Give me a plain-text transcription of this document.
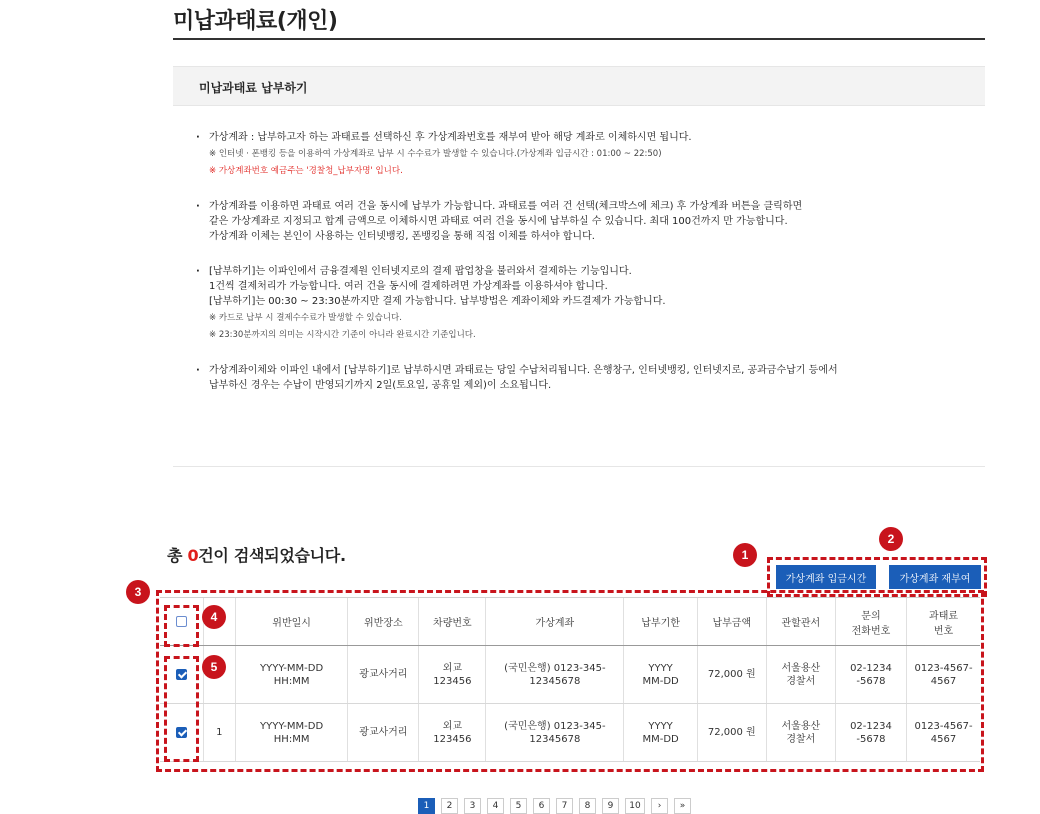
미납과태료(개인)
미납과태료 납부하기
· 가상계좌 : 납부하고자 하는 과태료를 선택하신 후 가상계좌번호를 재부여 받아 해당 계좌로 이체하시면 됩니다.
※ 인터넷 · 폰뱅킹 등을 이용하여 가상계좌로 납부 시 수수료가 발생할 수 있습니다.(가상계좌 입금시간 : 01:00 ~ 22:50)
※ 가상계좌번호 예금주는 '경찰청_납부자명' 입니다.
· 가상계좌를 이용하면 과태료 여러 건을 동시에 납부가 가능합니다. 과태료를 여러 건 선택(체크박스에 체크) 후 가상계좌 버튼을 클릭하면
같은 가상계좌로 지정되고 합계 금액으로 이체하시면 과태료 여러 건을 동시에 납부하실 수 있습니다. 최대 100건까지 만 가능합니다.
가상계좌 이체는 본인이 사용하는 인터넷뱅킹, 폰뱅킹을 통해 직접 이체를 하셔야 합니다.
· [납부하기]는 이파인에서 금융결제원 인터넷지로의 결제 팝업창을 불러와서 결제하는 기능입니다.
1건씩 결제처리가 가능합니다. 여러 건을 동시에 결제하려면 가상계좌를 이용하셔야 합니다.
[납부하기]는 00:30 ~ 23:30분까지만 결제 가능합니다. 납부방법은 계좌이체와 카드결제가 가능합니다.
※ 카드로 납부 시 결제수수료가 발생할 수 있습니다.
※ 23:30분까지의 의미는 시작시간 기준이 아니라 완료시간 기준입니다.
· 가상계좌이체와 이파인 내에서 [납부하기]로 납부하시면 과태료는 당일 수납처리됩니다. 은행창구, 인터넷뱅킹, 인터넷지로, 공과금수납기 등에서
납부하신 경우는 수납이 반영되기까지 2일(토요일, 공휴일 제외)이 소요됩니다.
총 0건이 검색되었습니다.
가상계좌 입금시간	가상계좌 재부여
		위반일시	위반장소	차량번호	가상계좌	납부기한	납부금액	관할관서	문의
전화번호	과태료
번호
		YYYY-MM-DD
HH:MM	광교사거리	외교
123456	(국민은행) 0123-345-
12345678	YYYY
MM-DD	72,000 원	서울용산
경찰서	02-1234
-5678	0123-4567-
4567
	1	YYYY-MM-DD
HH:MM	광교사거리	외교
123456	(국민은행) 0123-345-
12345678	YYYY
MM-DD	72,000 원	서울용산
경찰서	02-1234
-5678	0123-4567-
4567
1	2	3	4	5	6	7	8	9	10	›	»
1
2
3
4
5
